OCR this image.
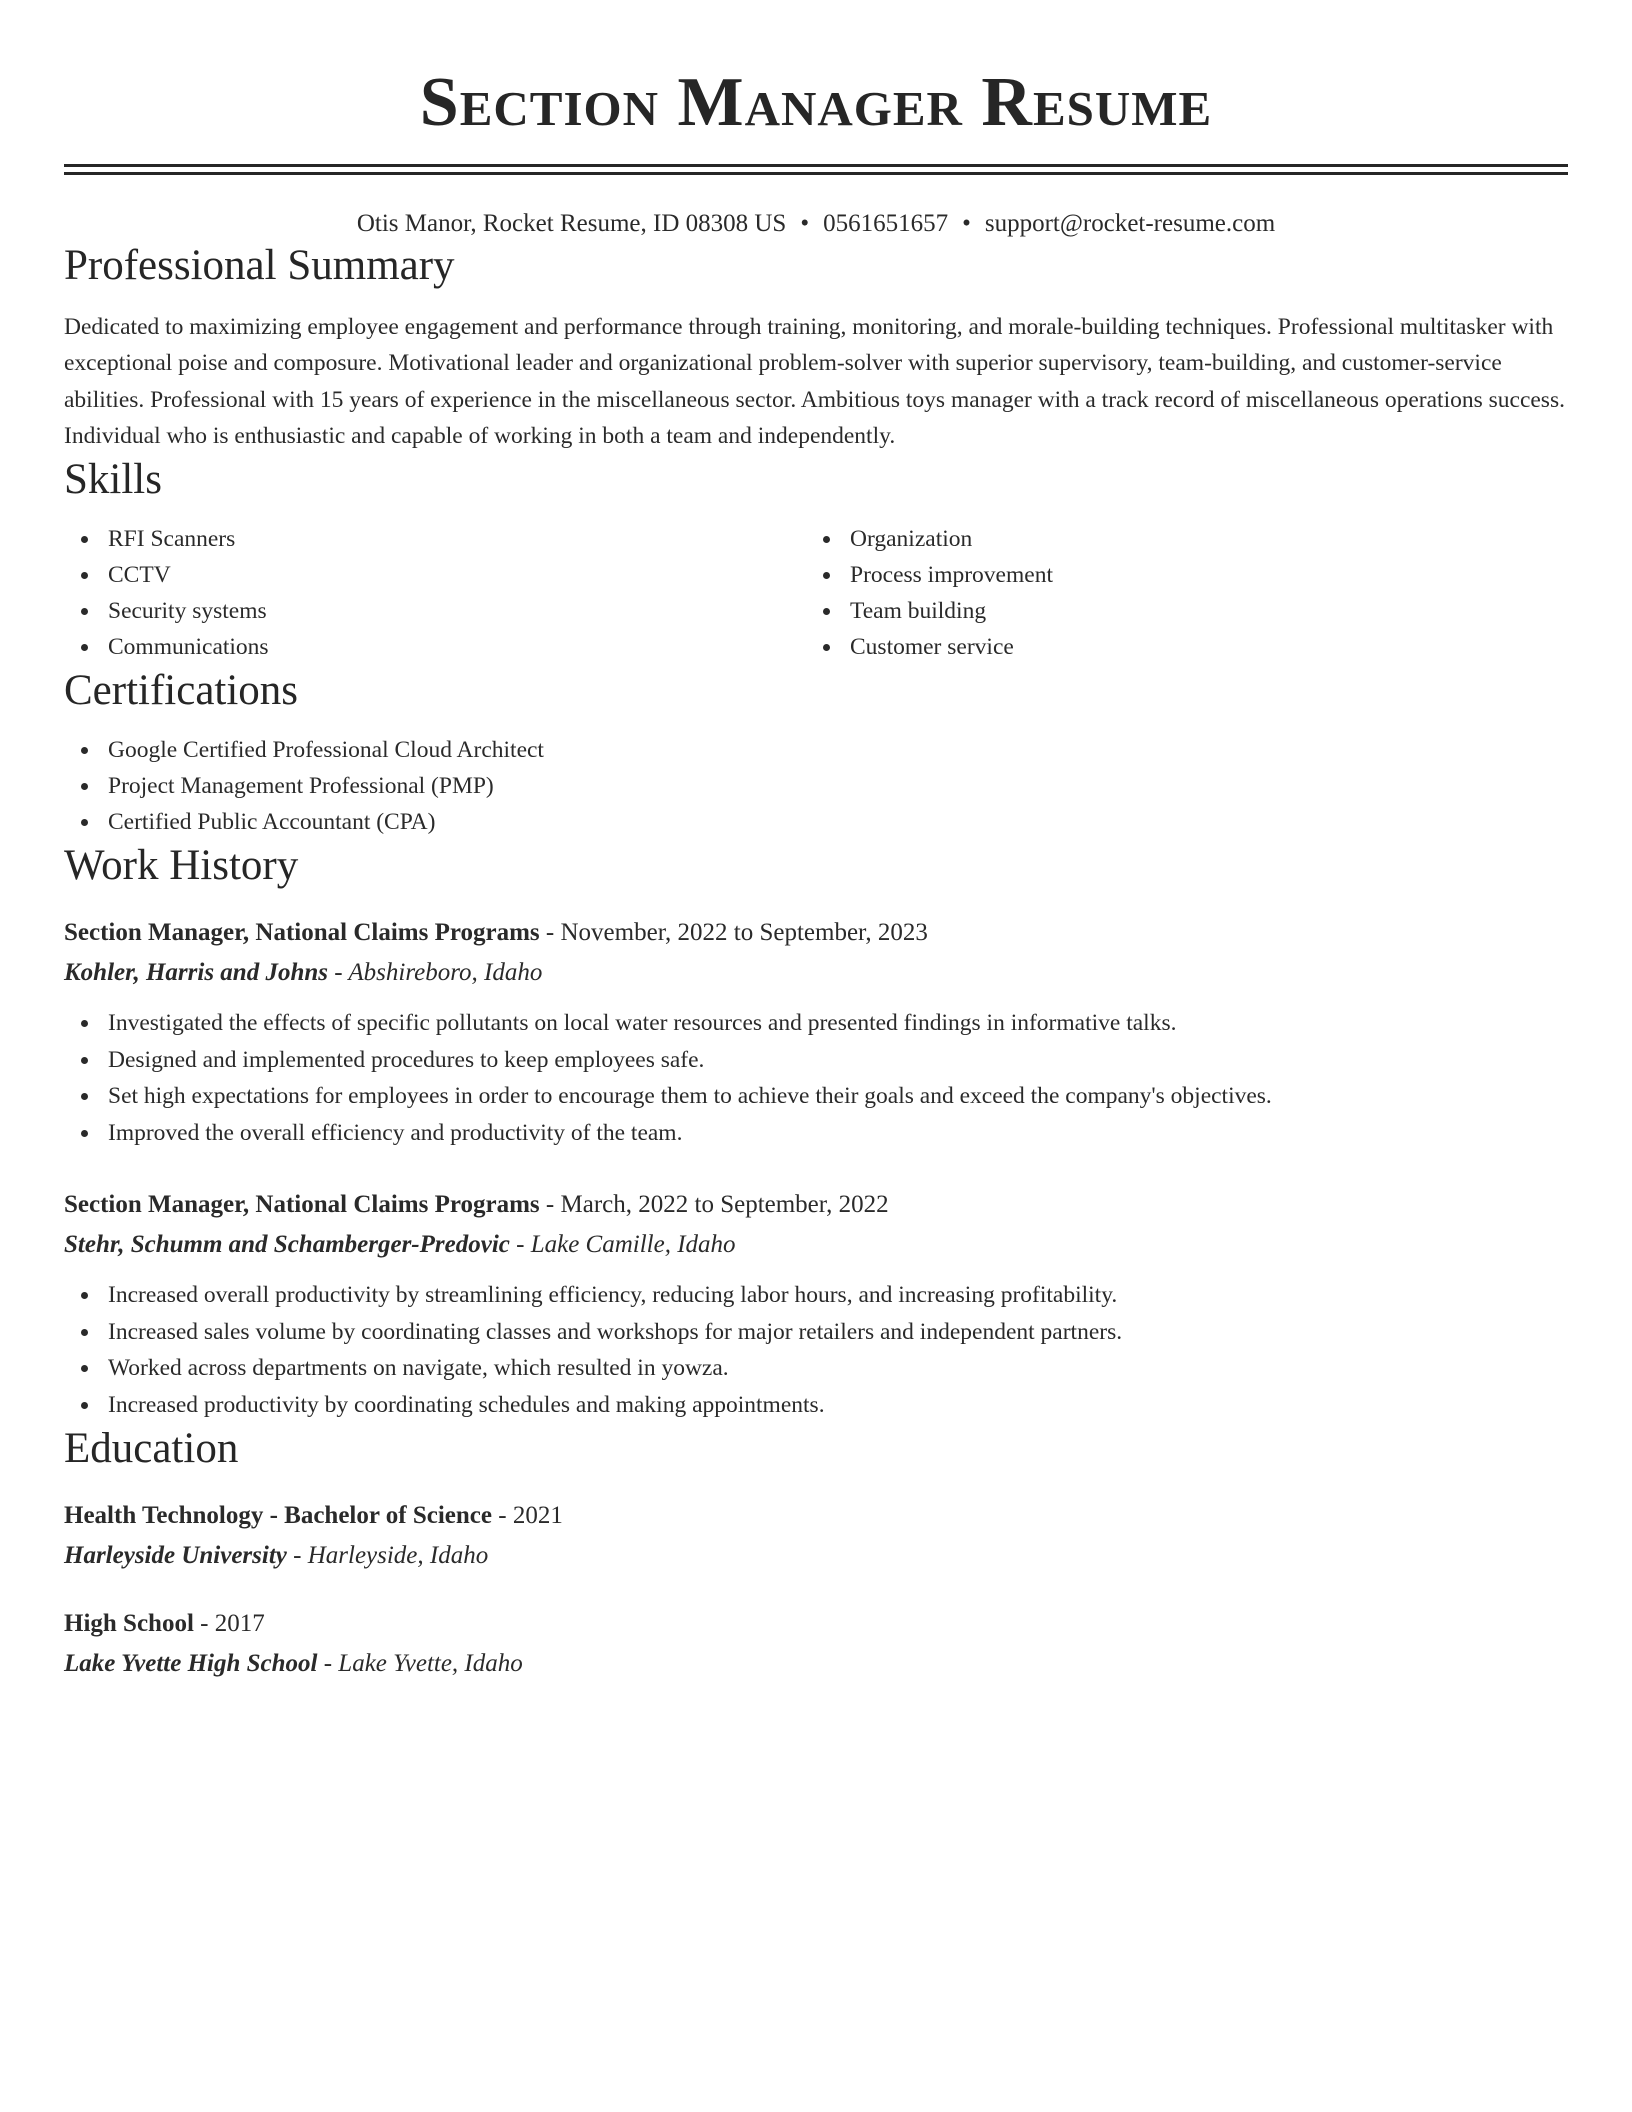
Section Manager Resume
Otis Manor, Rocket Resume, ID 08308 US • 0561651657 • support@rocket-resume.com
Professional Summary

Dedicated to maximizing employee engagement and performance through training, monitoring, and morale-building techniques. Professional multitasker with exceptional poise and composure. Motivational leader and organizational problem-solver with superior supervisory, team-building, and customer-service abilities. Professional with 15 years of experience in the miscellaneous sector. Ambitious toys manager with a track record of miscellaneous operations success. Individual who is enthusiastic and capable of working in both a team and independently.

Skills
RFI Scanners
CCTV
Security systems
Communications
Organization
Process improvement
Team building
Customer service
Certifications
Google Certified Professional Cloud Architect
Project Management Professional (PMP)
Certified Public Accountant (CPA)
Work History
Section Manager, National Claims Programs - November, 2022 to September, 2023
Kohler, Harris and Johns - Abshireboro, Idaho
Investigated the effects of specific pollutants on local water resources and presented findings in informative talks.
Designed and implemented procedures to keep employees safe.
Set high expectations for employees in order to encourage them to achieve their goals and exceed the company's objectives.
Improved the overall efficiency and productivity of the team.
Section Manager, National Claims Programs - March, 2022 to September, 2022
Stehr, Schumm and Schamberger-Predovic - Lake Camille, Idaho
Increased overall productivity by streamlining efficiency, reducing labor hours, and increasing profitability.
Increased sales volume by coordinating classes and workshops for major retailers and independent partners.
Worked across departments on navigate, which resulted in yowza.
Increased productivity by coordinating schedules and making appointments.
Education
Health Technology - Bachelor of Science - 2021
Harleyside University - Harleyside, Idaho
High School - 2017
Lake Yvette High School - Lake Yvette, Idaho
